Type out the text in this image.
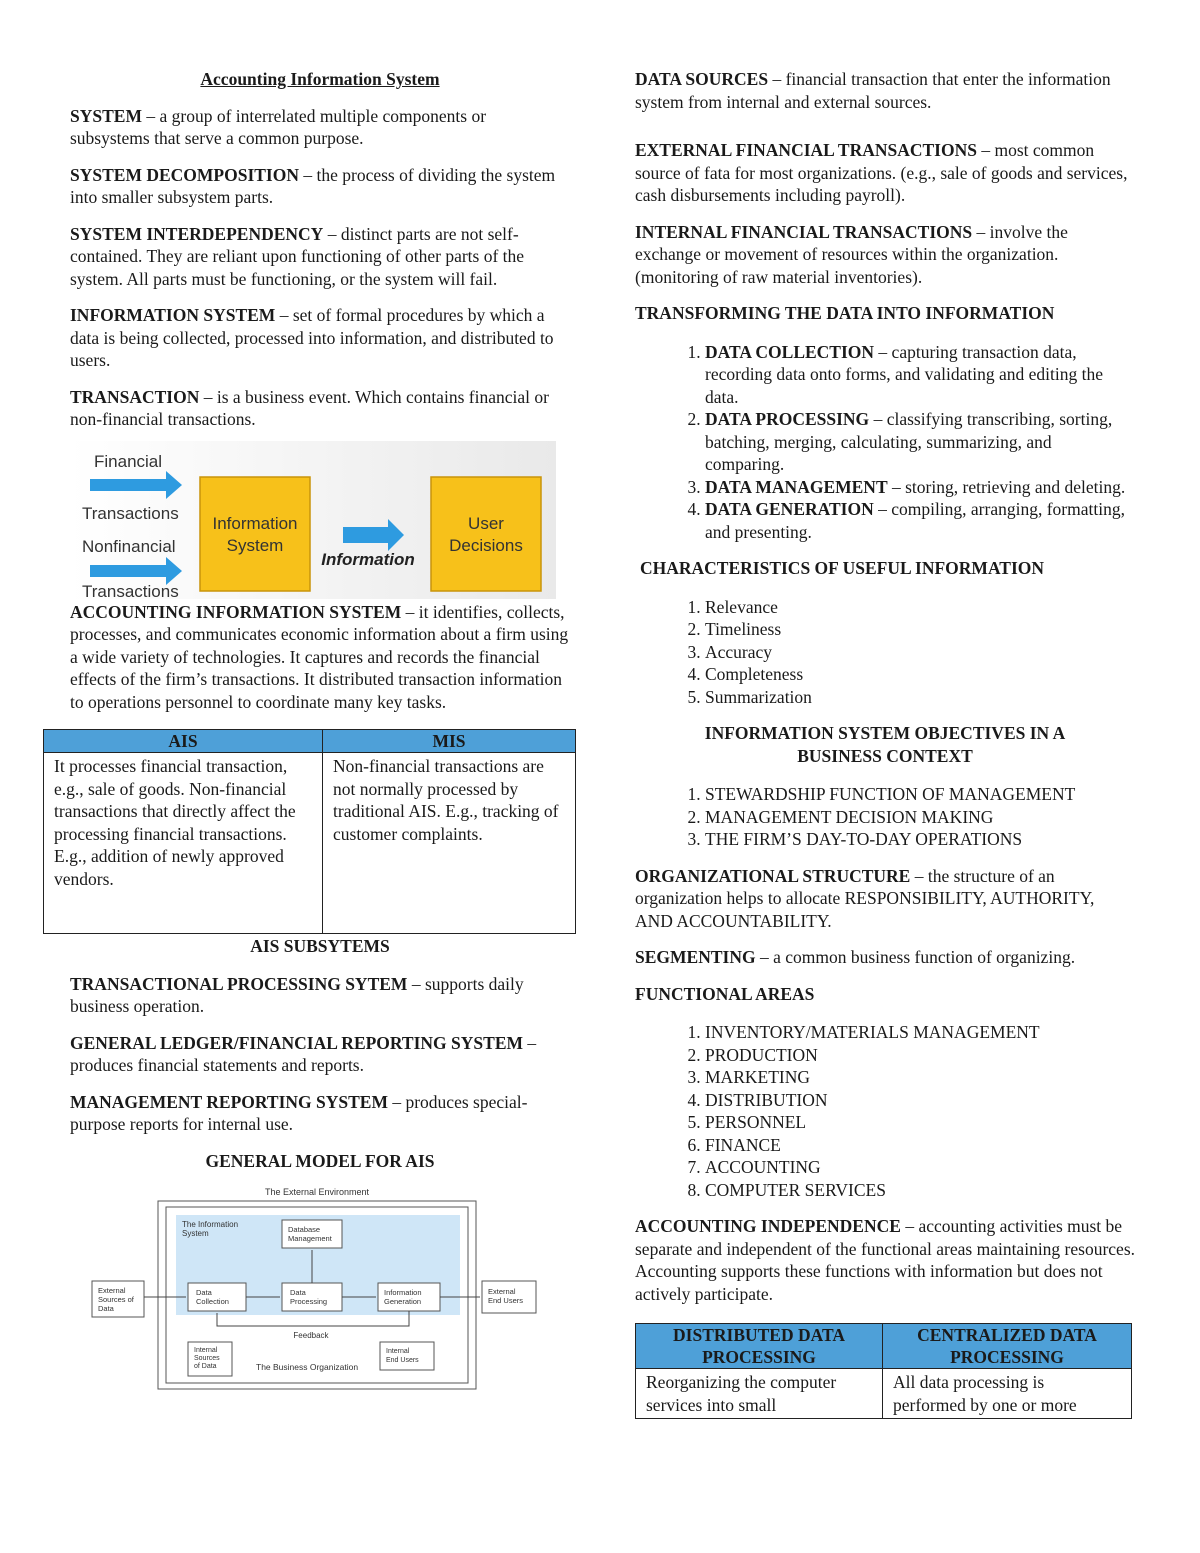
Accounting Information System

SYSTEM – a group of interrelated multiple components or subsystems that serve a common purpose.

SYSTEM DECOMPOSITION – the process of dividing the system into smaller subsystem parts.

SYSTEM INTERDEPENDENCY – distinct parts are not self-contained. They are reliant upon functioning of other parts of the system. All parts must be functioning, or the system will fail.

INFORMATION SYSTEM – set of formal procedures by which a data is being collected, processed into information, and distributed to users.

TRANSACTION – is a business event. Which contains financial or non-financial transactions.

Financial
Transactions
Nonfinancial
Transactions
Information
System
Information
User
Decisions

ACCOUNTING INFORMATION SYSTEM – it identifies, collects, processes, and communicates economic information about a firm using a wide variety of technologies. It captures and records the financial effects of the firm’s transactions. It distributed transaction information to operations personnel to coordinate many key tasks.

AIS	MIS
It processes financial transaction, e.g., sale of goods. Non-financial transactions that directly affect the processing financial transactions. E.g., addition of newly approved vendors.	Non-financial transactions are not normally processed by traditional AIS. E.g., tracking of customer complaints.

AIS SUBSYTEMS

TRANSACTIONAL PROCESSING SYTEM – supports daily business operation.

GENERAL LEDGER/FINANCIAL REPORTING SYSTEM – produces financial statements and reports.

MANAGEMENT REPORTING SYSTEM – produces special-purpose reports for internal use.

GENERAL MODEL FOR AIS

The External Environment
The Information
System	Database
Management
External
Sources of
Data
Data
Collection
Data
Processing
Information
Generation
External
End Users
Feedback
Internal
Sources
of Data
Internal
End Users
The Business Organization

DATA SOURCES – financial transaction that enter the information system from internal and external sources.

EXTERNAL FINANCIAL TRANSACTIONS – most common source of fata for most organizations. (e.g., sale of goods and services, cash disbursements including payroll).

INTERNAL FINANCIAL TRANSACTIONS – involve the exchange or movement of resources within the organization. (monitoring of raw material inventories).

TRANSFORMING THE DATA INTO INFORMATION

1. DATA COLLECTION – capturing transaction data, recording data onto forms, and validating and editing the data.
2. DATA PROCESSING – classifying transcribing, sorting, batching, merging, calculating, summarizing, and comparing.
3. DATA MANAGEMENT – storing, retrieving and deleting.
4. DATA GENERATION – compiling, arranging, formatting, and presenting.

CHARACTERISTICS OF USEFUL INFORMATION

1. Relevance
2. Timeliness
3. Accuracy
4. Completeness
5. Summarization

INFORMATION SYSTEM OBJECTIVES IN A
BUSINESS CONTEXT

1. STEWARDSHIP FUNCTION OF MANAGEMENT
2. MANAGEMENT DECISION MAKING
3. THE FIRM’S DAY-TO-DAY OPERATIONS

ORGANIZATIONAL STRUCTURE – the structure of an organization helps to allocate RESPONSIBILITY, AUTHORITY, AND ACCOUNTABILITY.

SEGMENTING – a common business function of organizing.

FUNCTIONAL AREAS

1. INVENTORY/MATERIALS MANAGEMENT
2. PRODUCTION
3. MARKETING
4. DISTRIBUTION
5. PERSONNEL
6. FINANCE
7. ACCOUNTING
8. COMPUTER SERVICES

ACCOUNTING INDEPENDENCE – accounting activities must be separate and independent of the functional areas maintaining resources. Accounting supports these functions with information but does not actively participate.

DISTRIBUTED DATA PROCESSING	CENTRALIZED DATA PROCESSING
Reorganizing the computer services into small	All data processing is performed by one or more
